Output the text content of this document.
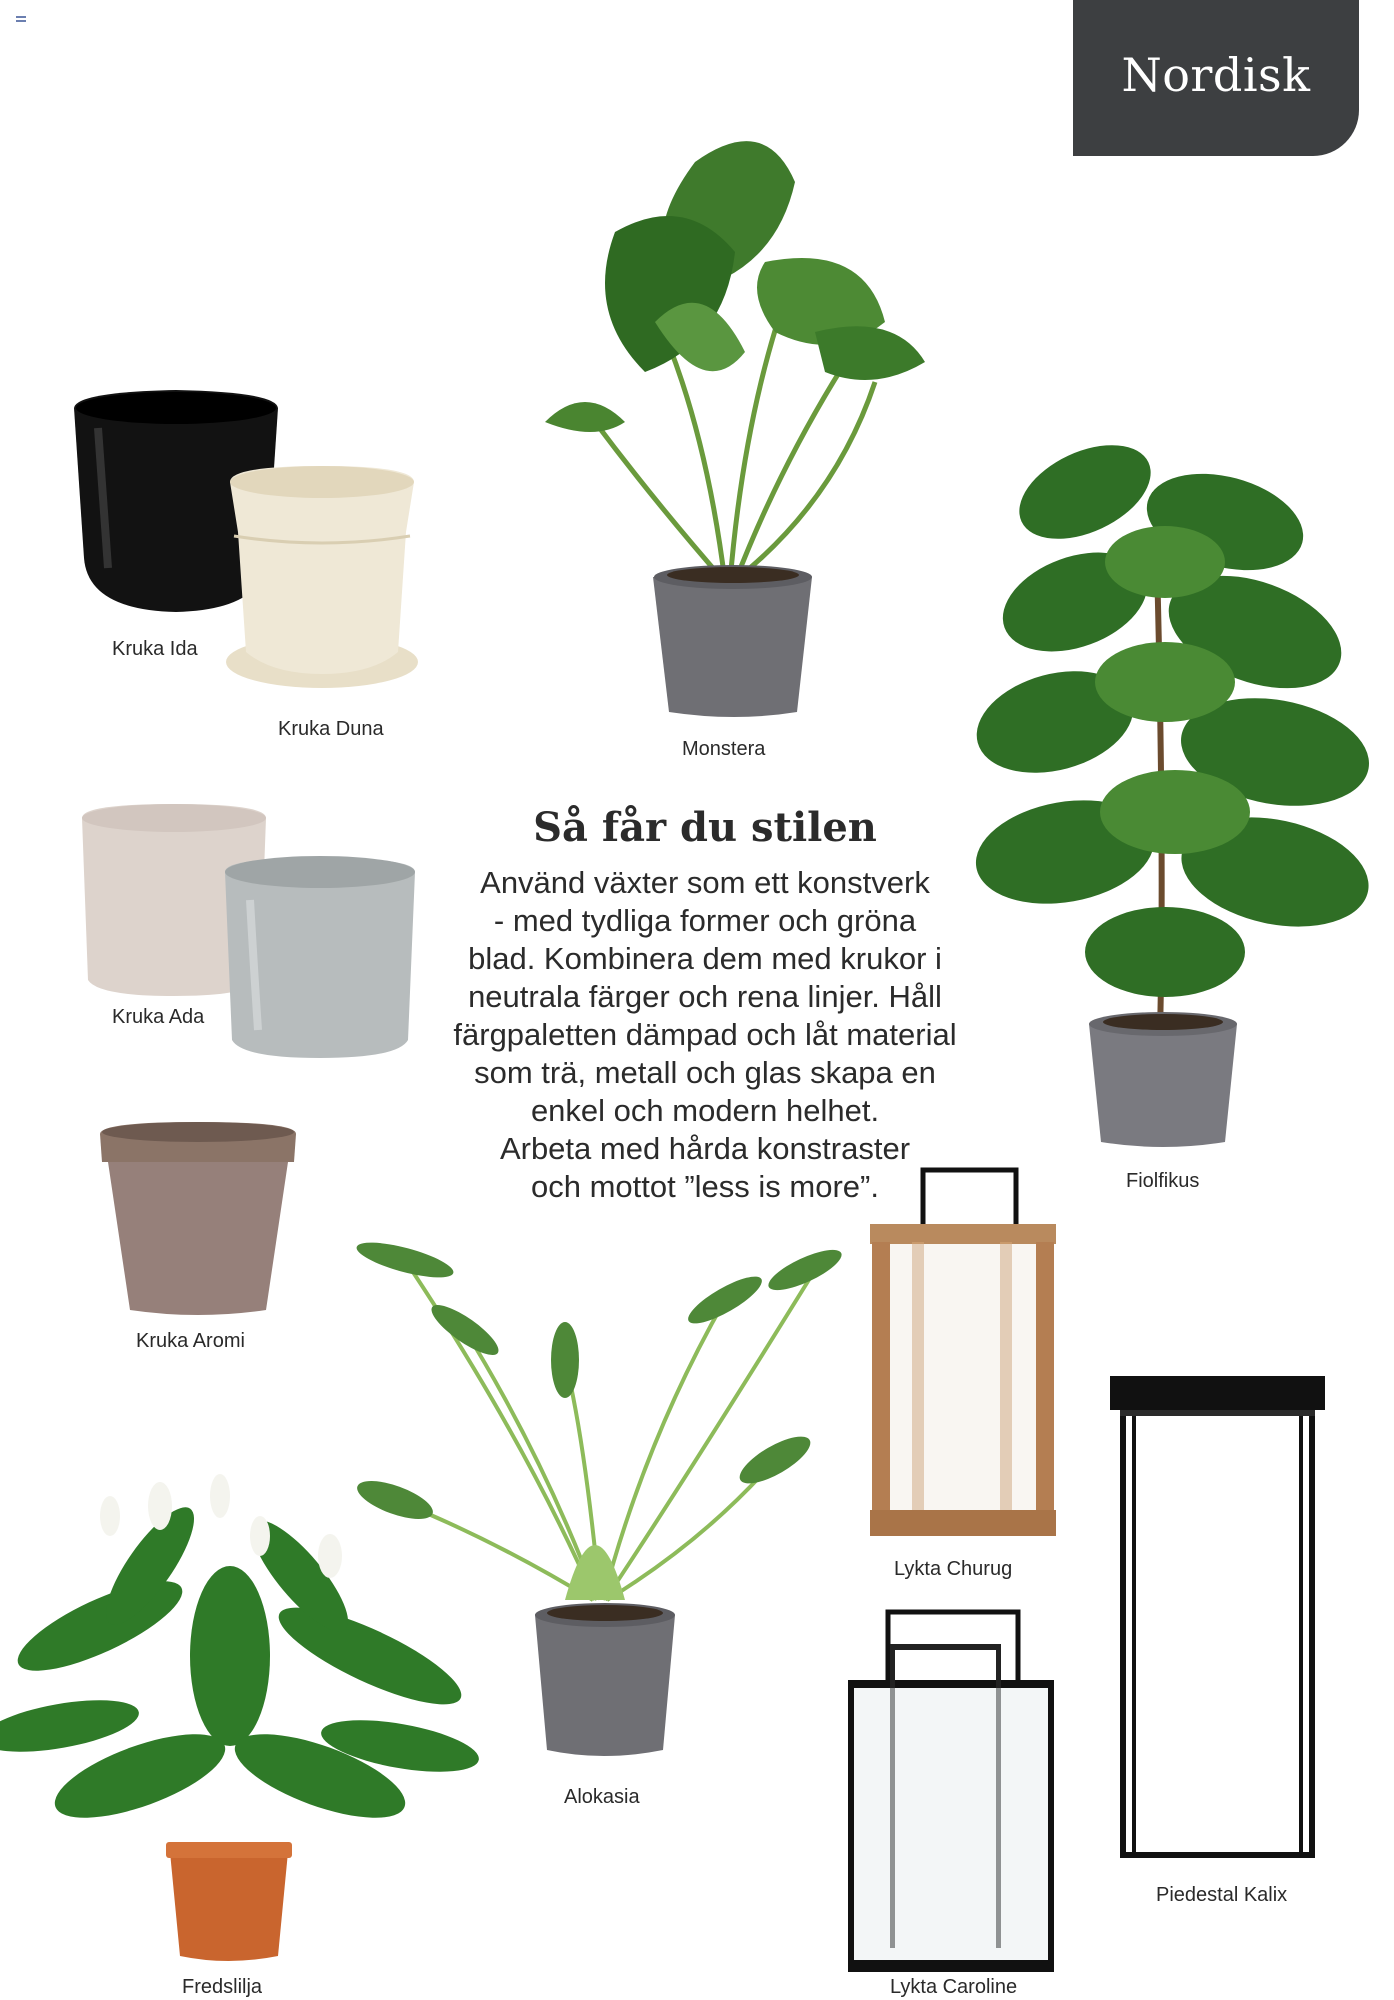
Nordisk
Kruka Ida
Kruka Duna
Monstera
Kruka Ada
Så får du stilen
Använd växter som ett konstverk
- med tydliga former och gröna
blad. Kombinera dem med krukor i
neutrala färger och rena linjer. Håll
färgpaletten dämpad och låt material
som trä, metall och glas skapa en
enkel och modern helhet.
Arbeta med hårda konstraster
och mottot ”less is more”.	Fiolfikus
Kruka Aromi
Lykta Churug
Alokasia
Piedestal Kalix
Fredslilja	Lykta Caroline
